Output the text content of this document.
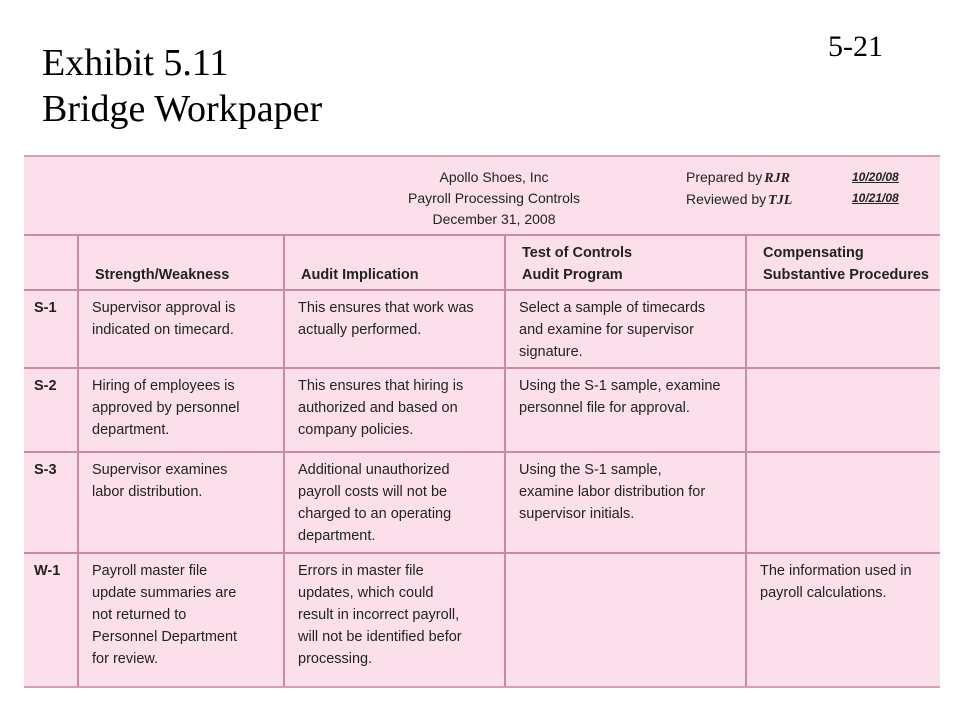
Exhibit 5.11
Bridge Workpaper
5-21
Apollo Shoes, Inc
Payroll Processing Controls
December 31, 2008
Prepared by RJR
Reviewed by TJL
10/20/08
10/21/08

Strength/Weakness
	Audit Implication
Test of Controls
Audit Program
Compensating
Substantive Procedures
S-1 Supervisor approval is
indicated on timecard.
This ensures that work was
actually performed.
Select a sample of timecards
and examine for supervisor
signature.
S-2 Hiring of employees is
approved by personnel
department.
This ensures that hiring is
authorized and based on
company policies.
Using the S-1 sample, examine
personnel file for approval.
S-3 Supervisor examines
labor distribution.
Additional unauthorized
payroll costs will not be
charged to an operating
department.
Using the S-1 sample,
examine labor distribution for
supervisor initials.
W-1 Payroll master file
update summaries are
not returned to
Personnel Department
for review.
Errors in master file
updates, which could
result in incorrect payroll,
will not be identified befor
processing.
The information used in
payroll calculations.
